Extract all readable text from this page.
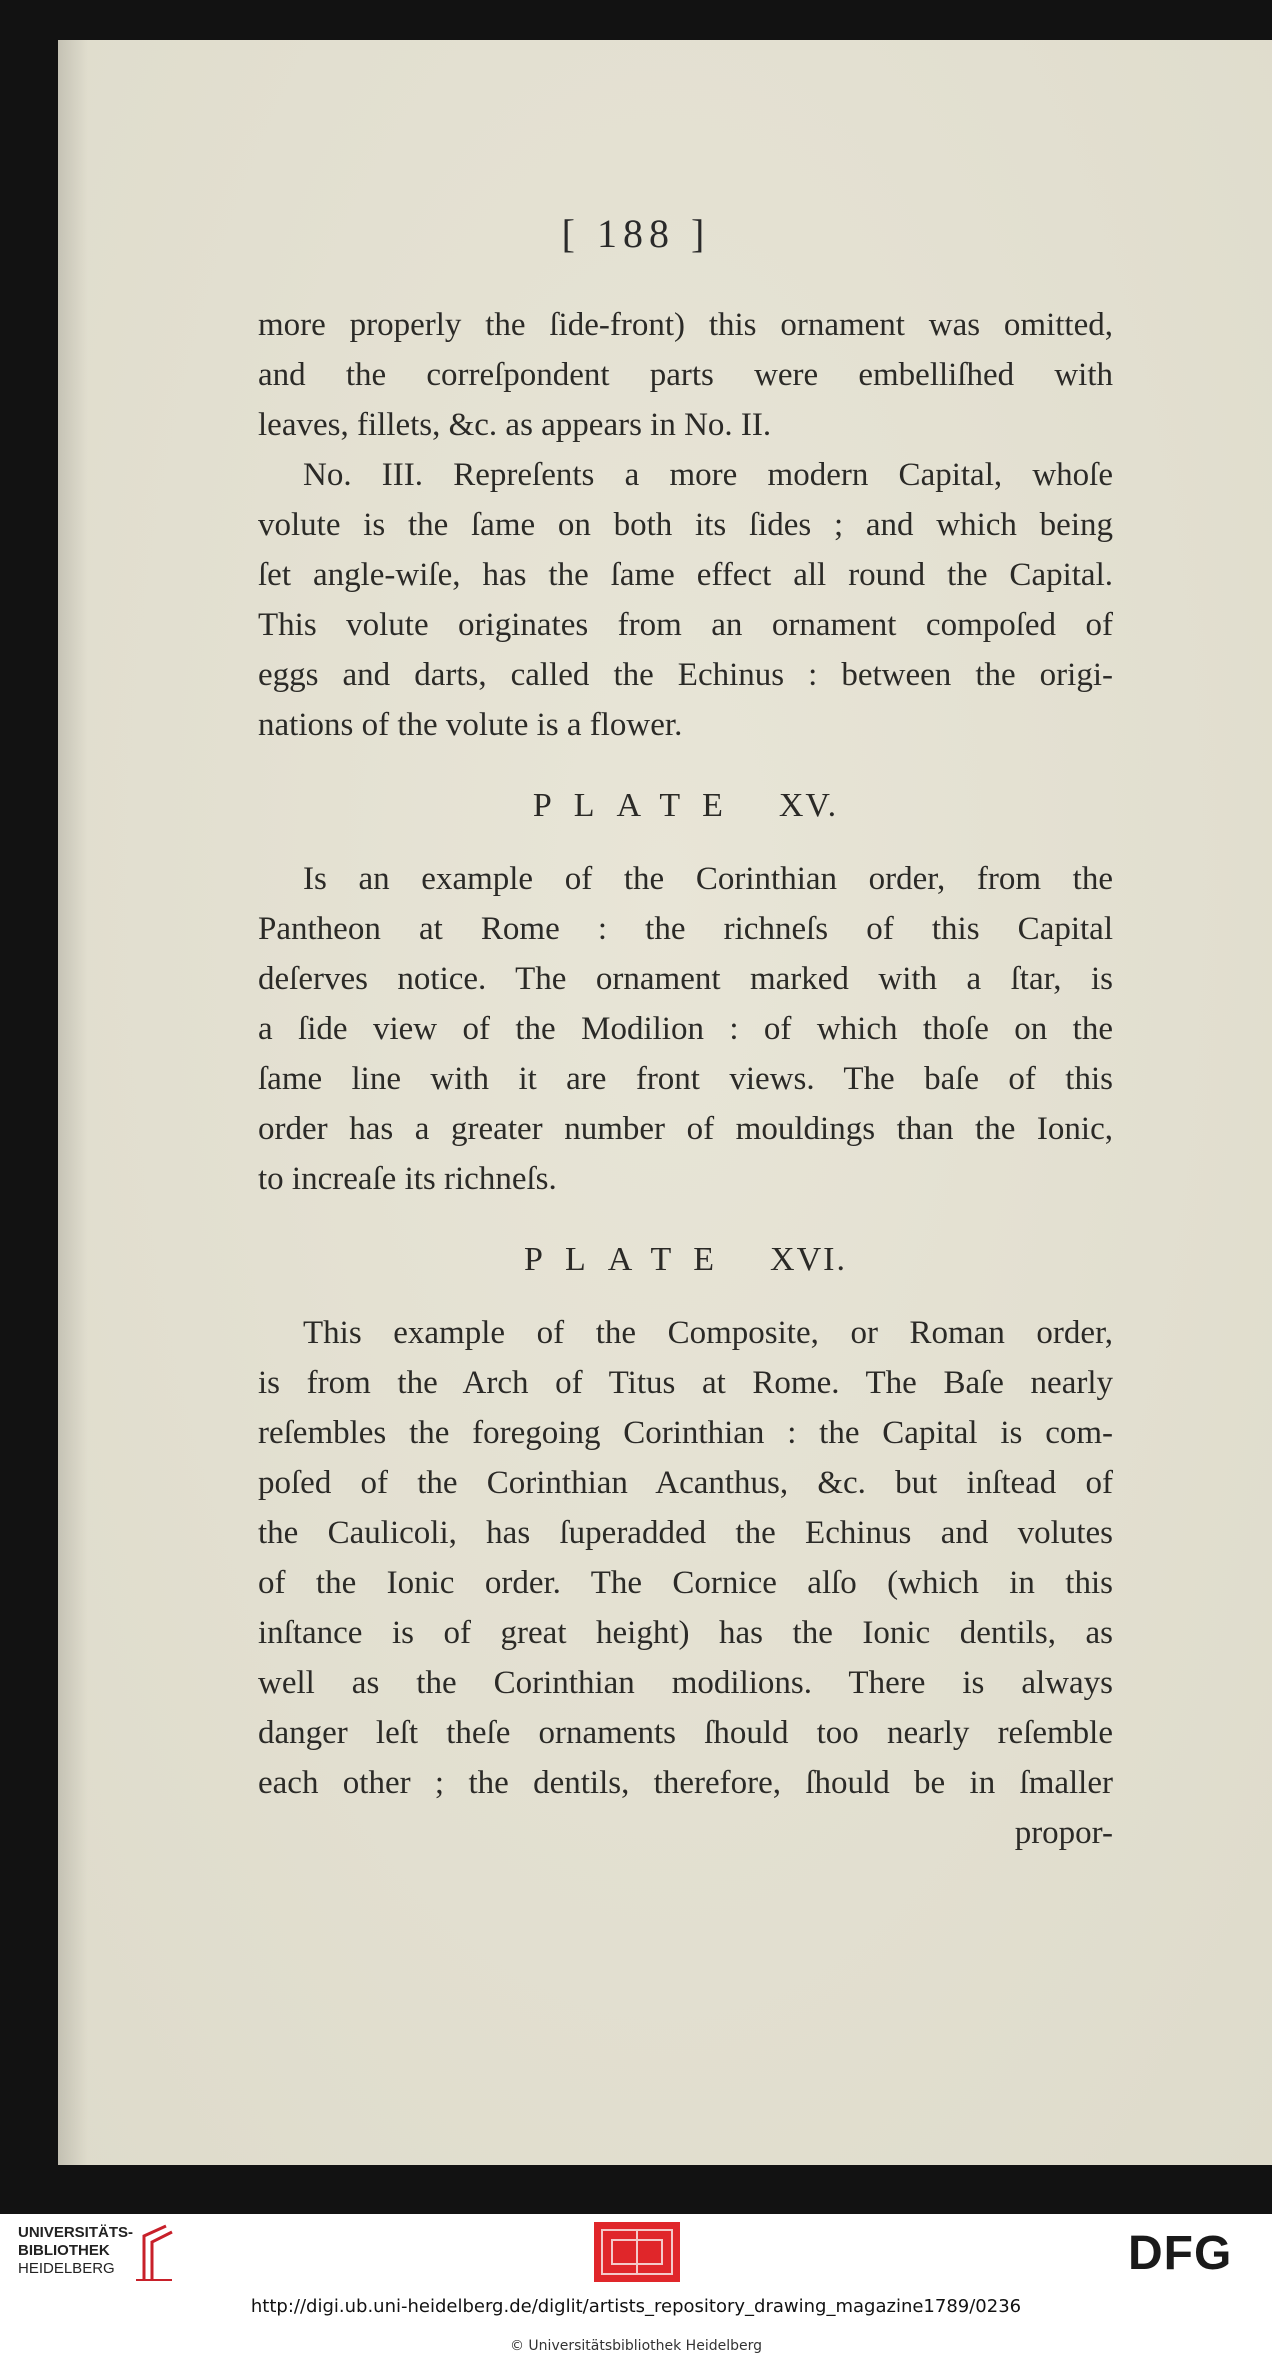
[ 188 ]
more properly the ſide-front) this ornament was omitted,
and the correſpondent parts were embelliſhed with
leaves, fillets, &c. as appears in No. II.
No. III. Repreſents a more modern Capital, whoſe
volute is the ſame on both its ſides ; and which being
ſet angle-wiſe, has the ſame effect all round the Capital.
This volute originates from an ornament compoſed of
eggs and darts, called the Echinus : between the origi-
nations of the volute is a flower.
PLATE XV.
Is an example of the Corinthian order, from the
Pantheon at Rome : the richneſs of this Capital
deſerves notice. The ornament marked with a ſtar, is
a ſide view of the Modilion : of which thoſe on the
ſame line with it are front views. The baſe of this
order has a greater number of mouldings than the Ionic,
to increaſe its richneſs.
PLATE XVI.
This example of the Composite, or Roman order,
is from the Arch of Titus at Rome. The Baſe nearly
reſembles the foregoing Corinthian : the Capital is com-
poſed of the Corinthian Acanthus, &c. but inſtead of
the Caulicoli, has ſuperadded the Echinus and volutes
of the Ionic order. The Cornice alſo (which in this
inſtance is of great height) has the Ionic dentils, as
well as the Corinthian modilions. There is always
danger leſt theſe ornaments ſhould too nearly reſemble
each other ; the dentils, therefore, ſhould be in ſmaller
propor-
UNIVERSITÄTS-
BIBLIOTHEK
HEIDELBERG	DFG
http://digi.ub.uni-heidelberg.de/diglit/artists_repository_drawing_magazine1789/0236
© Universitätsbibliothek Heidelberg
